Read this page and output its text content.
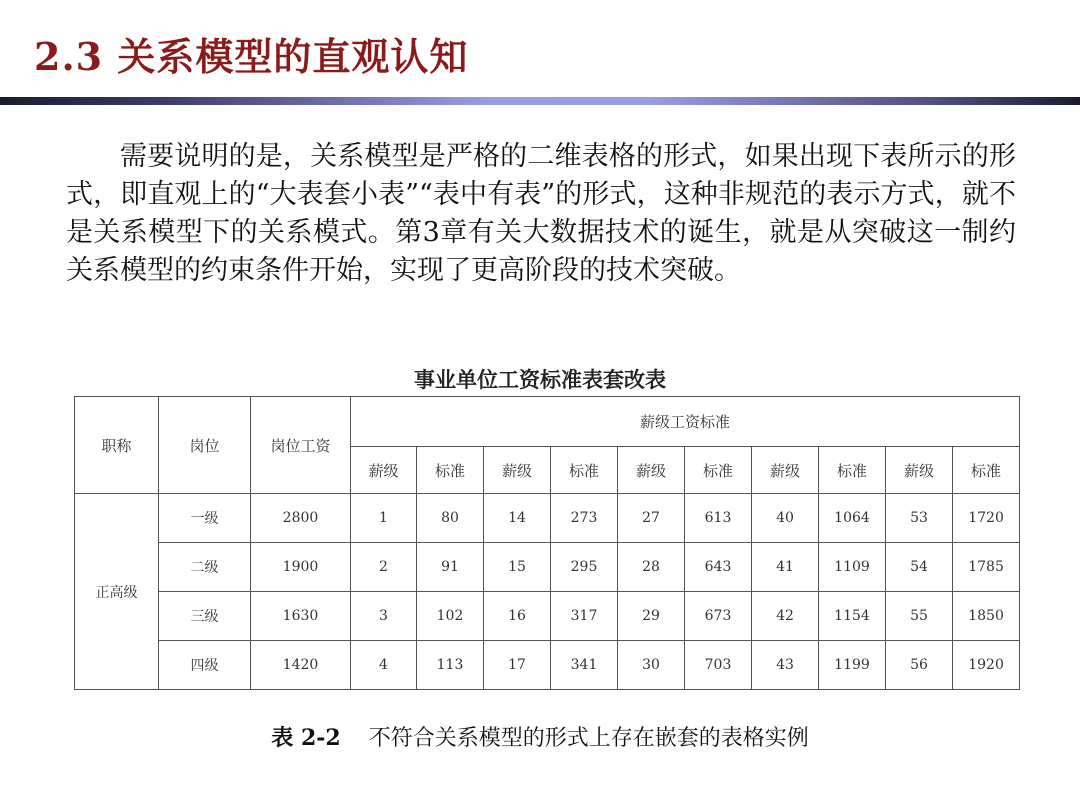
2.3 关系模型的直观认知
需要说明的是，关系模型是严格的二维表格的形式，如果出现下表所示的形式，即直观上的“大表套小表”“表中有表”的形式，这种非规范的表示方式，就不是关系模型下的关系模式。第3章有关大数据技术的诞生，就是从突破这一制约关系模型的约束条件开始，实现了更高阶段的技术突破。
事业单位工资标准表套改表
职称	岗位	岗位工资	薪级工资标准									
			薪级	标准	薪级	标准	薪级	标准	薪级	标准	薪级	标准
正高级	一级	2800	1	80	14	273	27	613	40	1064	53	1720
	二级	1900	2	91	15	295	28	643	41	1109	54	1785
	三级	1630	3	102	16	317	29	673	42	1154	55	1850
	四级	1420	4	113	17	341	30	703	43	1199	56	1920
表 2-2 不符合关系模型的形式上存在嵌套的表格实例
